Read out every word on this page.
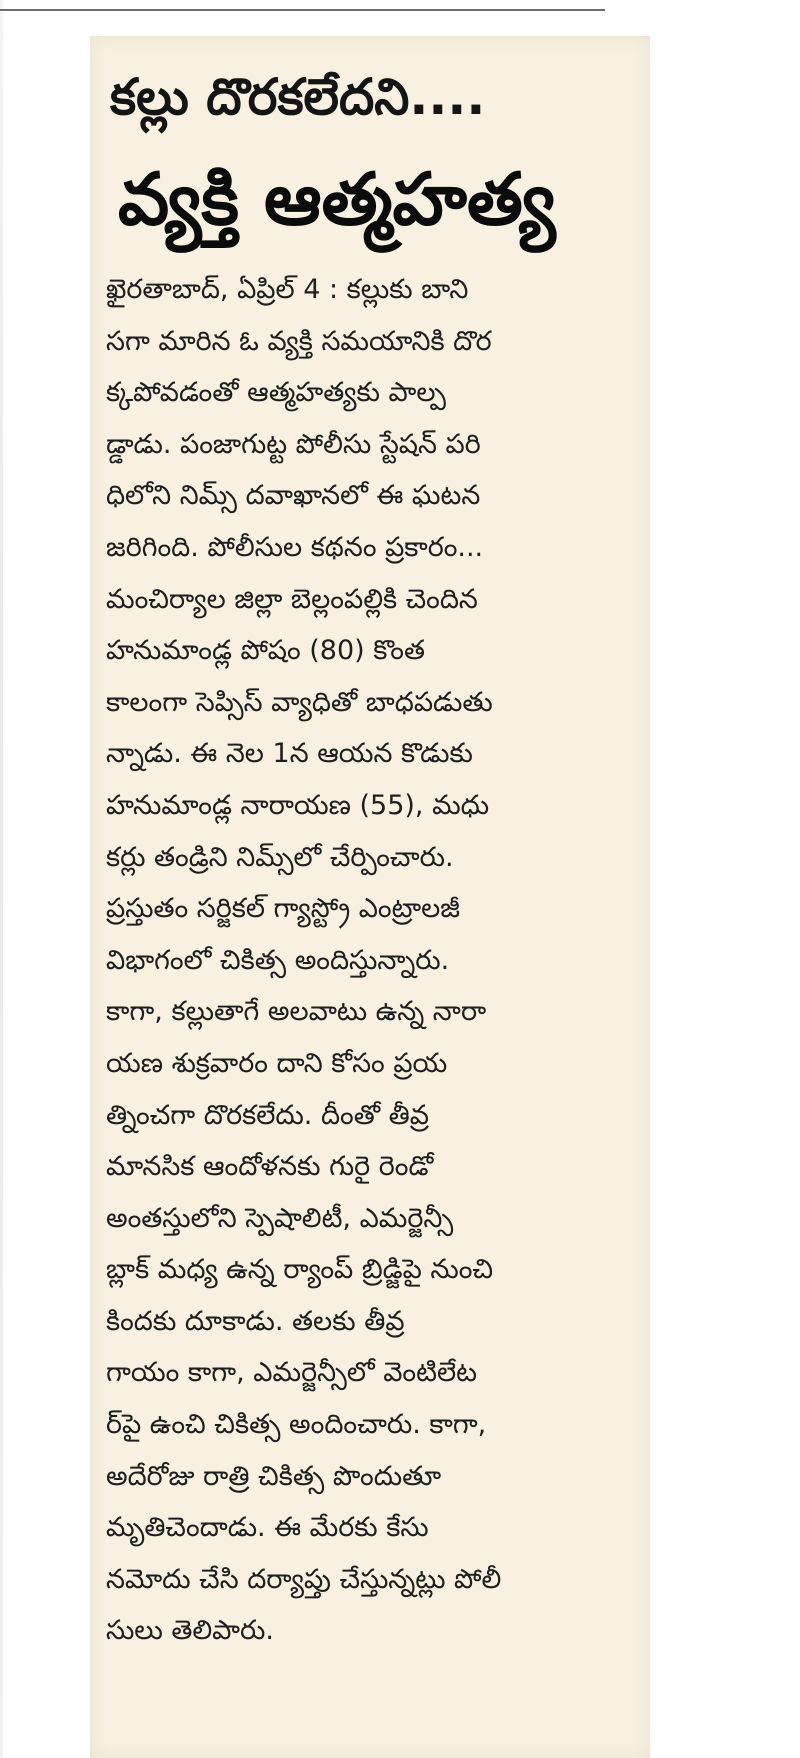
కల్లు దొరకలేదని....
వ్యక్తి ఆత్మహత్య
ఖైరతాబాద్, ఏప్రిల్ 4 : కల్లుకు బాని
సగా మారిన ఓ వ్యక్తి సమయానికి దొర
క్కపోవడంతో ఆత్మహత్యకు పాల్ప
డ్డాడు. పంజాగుట్ట పోలీసు స్టేషన్ పరి
ధిలోని నిమ్స్ దవాఖానలో ఈ ఘటన
జరిగింది. పోలీసుల కథనం ప్రకారం...
మంచిర్యాల జిల్లా బెల్లంపల్లికి చెందిన
హనుమాండ్ల పోషం (80) కొంత
కాలంగా సెప్సిస్ వ్యాధితో బాధపడుతు
న్నాడు. ఈ నెల 1న ఆయన కొడుకు
హనుమాండ్ల నారాయణ (55), మధు
కర్లు తండ్రిని నిమ్స్‌లో చేర్పించారు.
ప్రస్తుతం సర్జికల్ గ్యాస్ట్రో ఎంట్రాలజీ
విభాగంలో చికిత్స అందిస్తున్నారు.
కాగా, కల్లుతాగే అలవాటు ఉన్న నారా
యణ శుక్రవారం దాని కోసం ప్రయ
త్నించగా దొరకలేదు. దీంతో తీవ్ర
మానసిక ఆందోళనకు గురై రెండో
అంతస్తులోని స్పెషాలిటీ, ఎమర్జెన్సీ
బ్లాక్ మధ్య ఉన్న ర్యాంప్ బ్రిడ్జిపై నుంచి
కిందకు దూకాడు. తలకు తీవ్ర
గాయం కాగా, ఎమర్జెన్సీలో వెంటిలేట
ర్‌పై ఉంచి చికిత్స అందించారు. కాగా,
అదేరోజు రాత్రి చికిత్స పొందుతూ
మృతిచెందాడు. ఈ మేరకు కేసు
నమోదు చేసి దర్యాప్తు చేస్తున్నట్లు పోలీ
సులు తెలిపారు.
